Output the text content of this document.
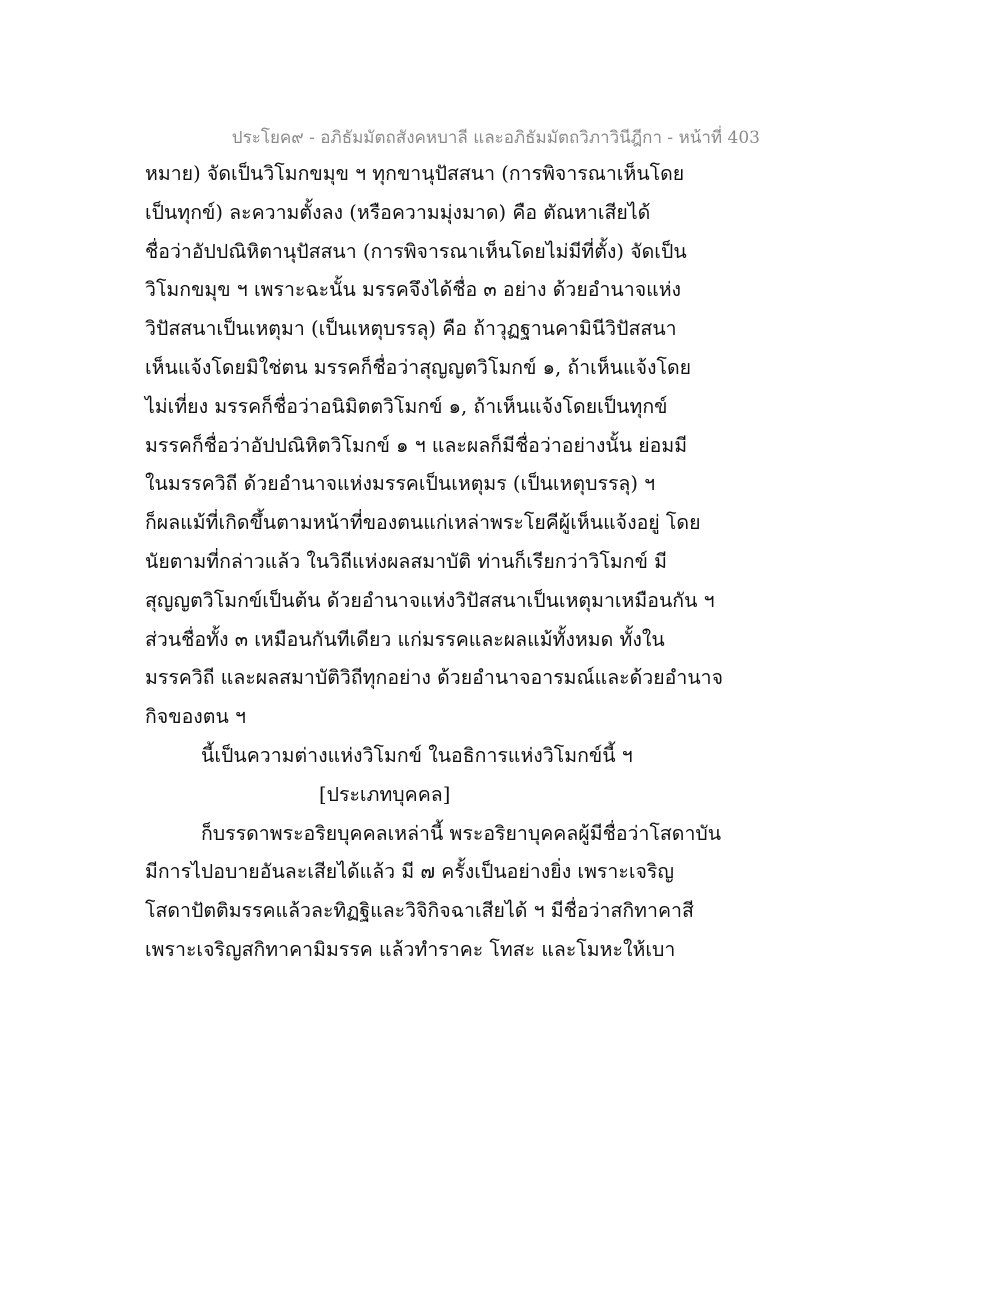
ประโยค๙ - อภิธัมมัตถสังคหบาลี และอภิธัมมัตถวิภาวินีฎีกา - หน้าที่ 403
หมาย) จัดเป็นวิโมกขมุข ฯ ทุกขานุปัสสนา (การพิจารณาเห็นโดย
เป็นทุกข์) ละความตั้งลง (หรือความมุ่งมาด) คือ ตัณหาเสียได้
ชื่อว่าอัปปณิหิตานุปัสสนา (การพิจารณาเห็นโดยไม่มีที่ตั้ง) จัดเป็น
วิโมกขมุข ฯ เพราะฉะนั้น มรรคจึงได้ชื่อ ๓ อย่าง ด้วยอำนาจแห่ง
วิปัสสนาเป็นเหตุมา (เป็นเหตุบรรลุ) คือ ถ้าวุฏฐานคามินีวิปัสสนา
เห็นแจ้งโดยมิใช่ตน มรรคก็ชื่อว่าสุญญตวิโมกข์ ๑, ถ้าเห็นแจ้งโดย
ไม่เที่ยง มรรคก็ชื่อว่าอนิมิตตวิโมกข์ ๑, ถ้าเห็นแจ้งโดยเป็นทุกข์
มรรคก็ชื่อว่าอัปปณิหิตวิโมกข์ ๑ ฯ และผลก็มีชื่อว่าอย่างนั้น ย่อมมี
ในมรรควิถี ด้วยอำนาจแห่งมรรคเป็นเหตุมร (เป็นเหตุบรรลุ) ฯ
ก็ผลแม้ที่เกิดขึ้นตามหน้าที่ของตนแก่เหล่าพระโยคีผู้เห็นแจ้งอยู่ โดย
นัยตามที่กล่าวแล้ว ในวิถีแห่งผลสมาบัติ ท่านก็เรียกว่าวิโมกข์ มี
สุญญตวิโมกข์เป็นต้น ด้วยอำนาจแห่งวิปัสสนาเป็นเหตุมาเหมือนกัน ฯ
ส่วนชื่อทั้ง ๓ เหมือนกันทีเดียว แก่มรรคและผลแม้ทั้งหมด ทั้งใน
มรรควิถี และผลสมาบัติวิถีทุกอย่าง ด้วยอำนาจอารมณ์และด้วยอำนาจ
กิจของตน ฯ
นี้เป็นความต่างแห่งวิโมกข์ ในอธิการแห่งวิโมกข์นี้ ฯ
[ประเภทบุคคล]
ก็บรรดาพระอริยบุคคลเหล่านี้ พระอริยาบุคคลผู้มีชื่อว่าโสดาบัน
มีการไปอบายอันละเสียได้แล้ว มี ๗ ครั้งเป็นอย่างยิ่ง เพราะเจริญ
โสดาปัตติมรรคแล้วละทิฏฐิและวิจิกิจฉาเสียได้ ฯ มีชื่อว่าสกิทาคาสี
เพราะเจริญสกิทาคามิมรรค แล้วทำราคะ โทสะ และโมหะให้เบา
